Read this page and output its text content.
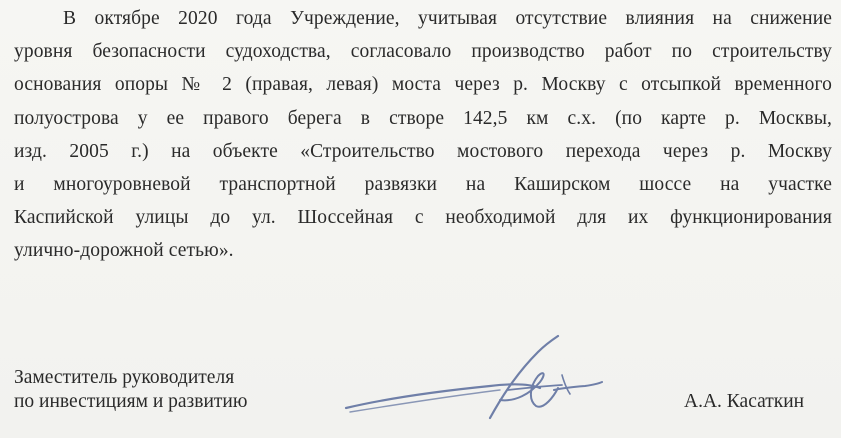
В октябре 2020 года Учреждение, учитывая отсутствие влияния на снижение
уровня безопасности судоходства, согласовало производство работ по строительству
основания опоры № 2 (правая, левая) моста через р. Москву с отсыпкой временного
полуострова у ее правого берега в створе 142,5 км с.х. (по карте р. Москвы,
изд. 2005 г.) на объекте «Строительство мостового перехода через р. Москву
и многоуровневой транспортной развязки на Каширском шоссе на участке
Каспийской улицы до ул. Шоссейная с необходимой для их функционирования
улично-дорожной сетью».
Заместитель руководителя
по инвестициям и развитию	А.А. Касаткин
